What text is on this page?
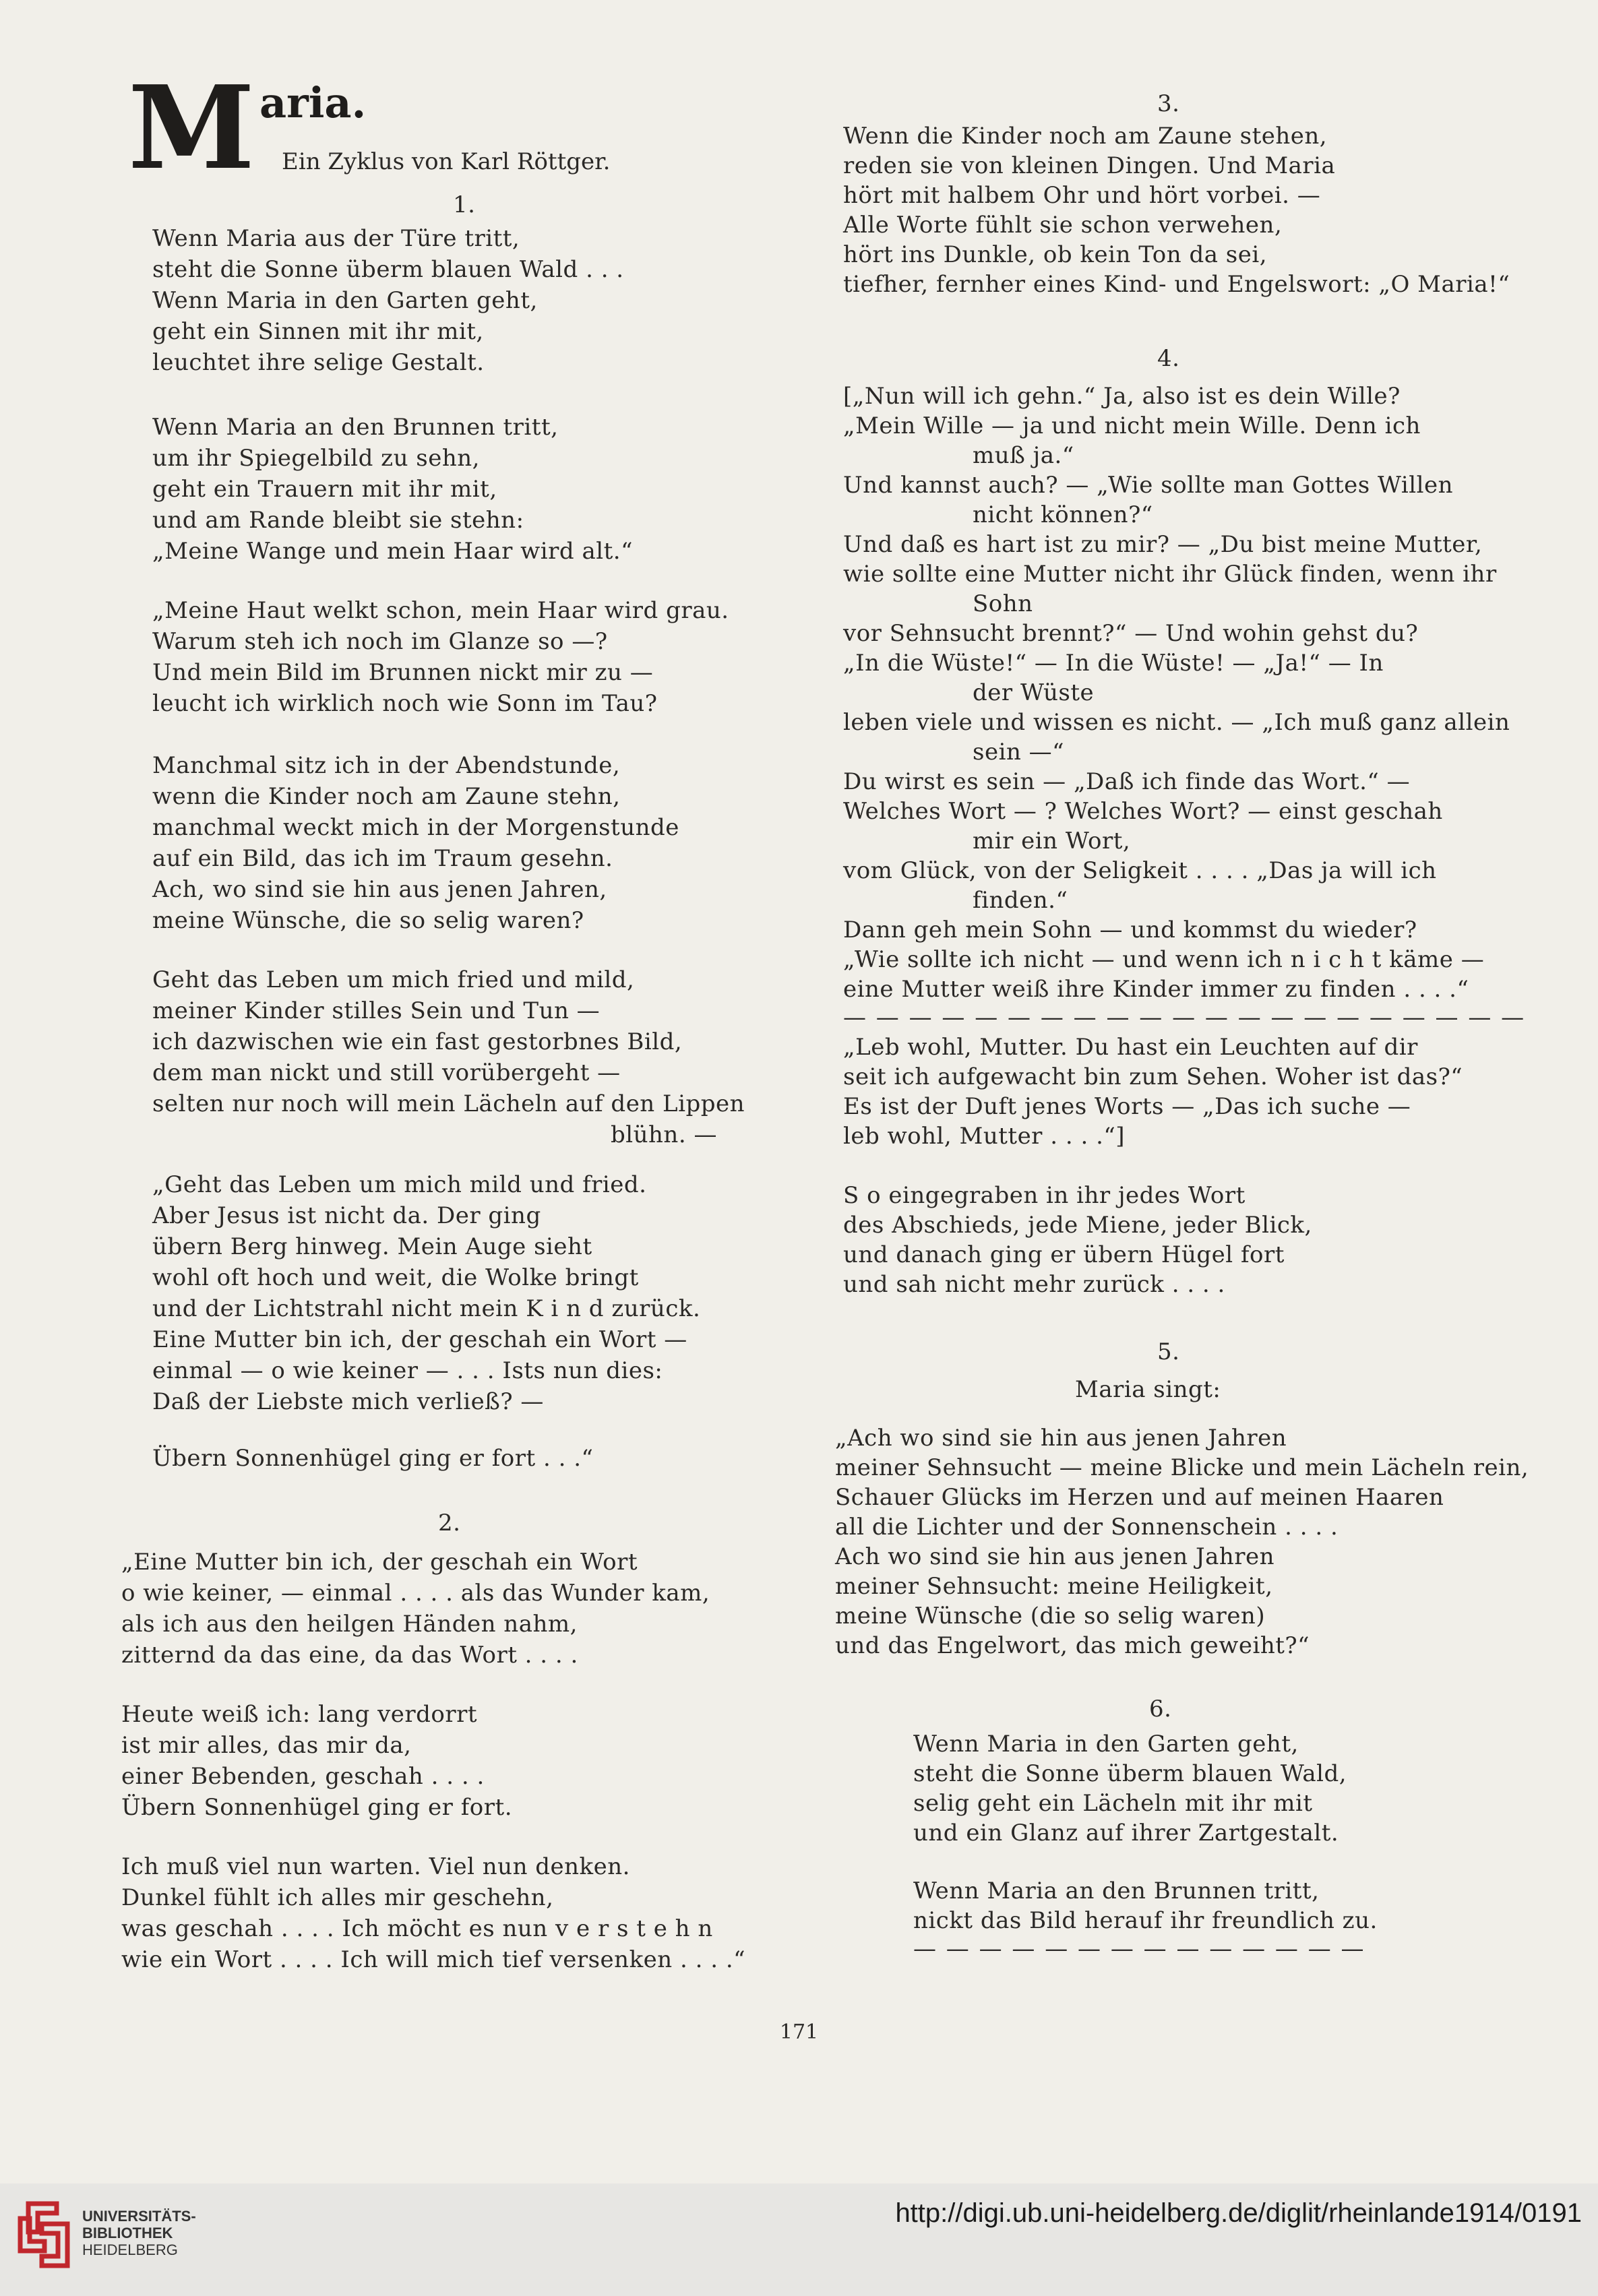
M aria.
Ein Zyklus von Karl Röttger.
1.
Wenn Maria aus der Türe tritt,
steht die Sonne überm blauen Wald . . .
Wenn Maria in den Garten geht,
geht ein Sinnen mit ihr mit,
leuchtet ihre selige Gestalt.
Wenn Maria an den Brunnen tritt,
um ihr Spiegelbild zu sehn,
geht ein Trauern mit ihr mit,
und am Rande bleibt sie stehn:
„Meine Wange und mein Haar wird alt.“
„Meine Haut welkt schon, mein Haar wird grau.
Warum steh ich noch im Glanze so —?
Und mein Bild im Brunnen nickt mir zu —
leucht ich wirklich noch wie Sonn im Tau?
Manchmal sitz ich in der Abendstunde,
wenn die Kinder noch am Zaune stehn,
manchmal weckt mich in der Morgenstunde
auf ein Bild, das ich im Traum gesehn.
Ach, wo sind sie hin aus jenen Jahren,
meine Wünsche, die so selig waren?
Geht das Leben um mich fried und mild,
meiner Kinder stilles Sein und Tun —
ich dazwischen wie ein fast gestorbnes Bild,
dem man nickt und still vorübergeht —
selten nur noch will mein Lächeln auf den Lippen
blühn. —
„Geht das Leben um mich mild und fried.
Aber Jesus ist nicht da. Der ging
übern Berg hinweg. Mein Auge sieht
wohl oft hoch und weit, die Wolke bringt
und der Lichtstrahl nicht mein K i n d zurück.
Eine Mutter bin ich, der geschah ein Wort —
einmal — o wie keiner — . . . Ists nun dies:
Daß der Liebste mich verließ? —
Übern Sonnenhügel ging er fort . . .“
2.
„Eine Mutter bin ich, der geschah ein Wort
o wie keiner, — einmal . . . . als das Wunder kam,
als ich aus den heilgen Händen nahm,
zitternd da das eine, da das Wort . . . .
Heute weiß ich: lang verdorrt
ist mir alles, das mir da,
einer Bebenden, geschah . . . .
Übern Sonnenhügel ging er fort.
Ich muß viel nun warten. Viel nun denken.
Dunkel fühlt ich alles mir geschehn,
was geschah . . . . Ich möcht es nun v e r s t e h n
wie ein Wort . . . . Ich will mich tief versenken . . . .“
3.
Wenn die Kinder noch am Zaune stehen,
reden sie von kleinen Dingen. Und Maria
hört mit halbem Ohr und hört vorbei. —
Alle Worte fühlt sie schon verwehen,
hört ins Dunkle, ob kein Ton da sei,
tiefher, fernher eines Kind- und Engelswort: „O Maria!“
4.
[„Nun will ich gehn.“ Ja, also ist es dein Wille?
„Mein Wille — ja und nicht mein Wille. Denn ich
muß ja.“
Und kannst auch? — „Wie sollte man Gottes Willen
nicht können?“
Und daß es hart ist zu mir? — „Du bist meine Mutter,
wie sollte eine Mutter nicht ihr Glück finden, wenn ihr
Sohn
vor Sehnsucht brennt?“ — Und wohin gehst du?
„In die Wüste!“ — In die Wüste! — „Ja!“ — In
der Wüste
leben viele und wissen es nicht. — „Ich muß ganz allein
sein —“
Du wirst es sein — „Daß ich finde das Wort.“ —
Welches Wort — ? Welches Wort? — einst geschah
mir ein Wort,
vom Glück, von der Seligkeit . . . . „Das ja will ich
finden.“
Dann geh mein Sohn — und kommst du wieder?
„Wie sollte ich nicht — und wenn ich n i c h t käme —
eine Mutter weiß ihre Kinder immer zu finden . . . .“
— — — — — — — — — — — — — — — — — — — — —
„Leb wohl, Mutter. Du hast ein Leuchten auf dir
seit ich aufgewacht bin zum Sehen. Woher ist das?“
Es ist der Duft jenes Worts — „Das ich suche —
leb wohl, Mutter . . . .“]
S o eingegraben in ihr jedes Wort
des Abschieds, jede Miene, jeder Blick,
und danach ging er übern Hügel fort
und sah nicht mehr zurück . . . .
5.
Maria singt:
„Ach wo sind sie hin aus jenen Jahren
meiner Sehnsucht — meine Blicke und mein Lächeln rein,
Schauer Glücks im Herzen und auf meinen Haaren
all die Lichter und der Sonnenschein . . . .
Ach wo sind sie hin aus jenen Jahren
meiner Sehnsucht: meine Heiligkeit,
meine Wünsche (die so selig waren)
und das Engelwort, das mich geweiht?“
6.
Wenn Maria in den Garten geht,
steht die Sonne überm blauen Wald,
selig geht ein Lächeln mit ihr mit
und ein Glanz auf ihrer Zartgestalt.
Wenn Maria an den Brunnen tritt,
nickt das Bild herauf ihr freundlich zu.
— — — — — — — — — — — — — —
171
UNIVERSITÄTS-
BIBLIOTHEK
HEIDELBERG
http://digi.ub.uni-heidelberg.de/diglit/rheinlande1914/0191
